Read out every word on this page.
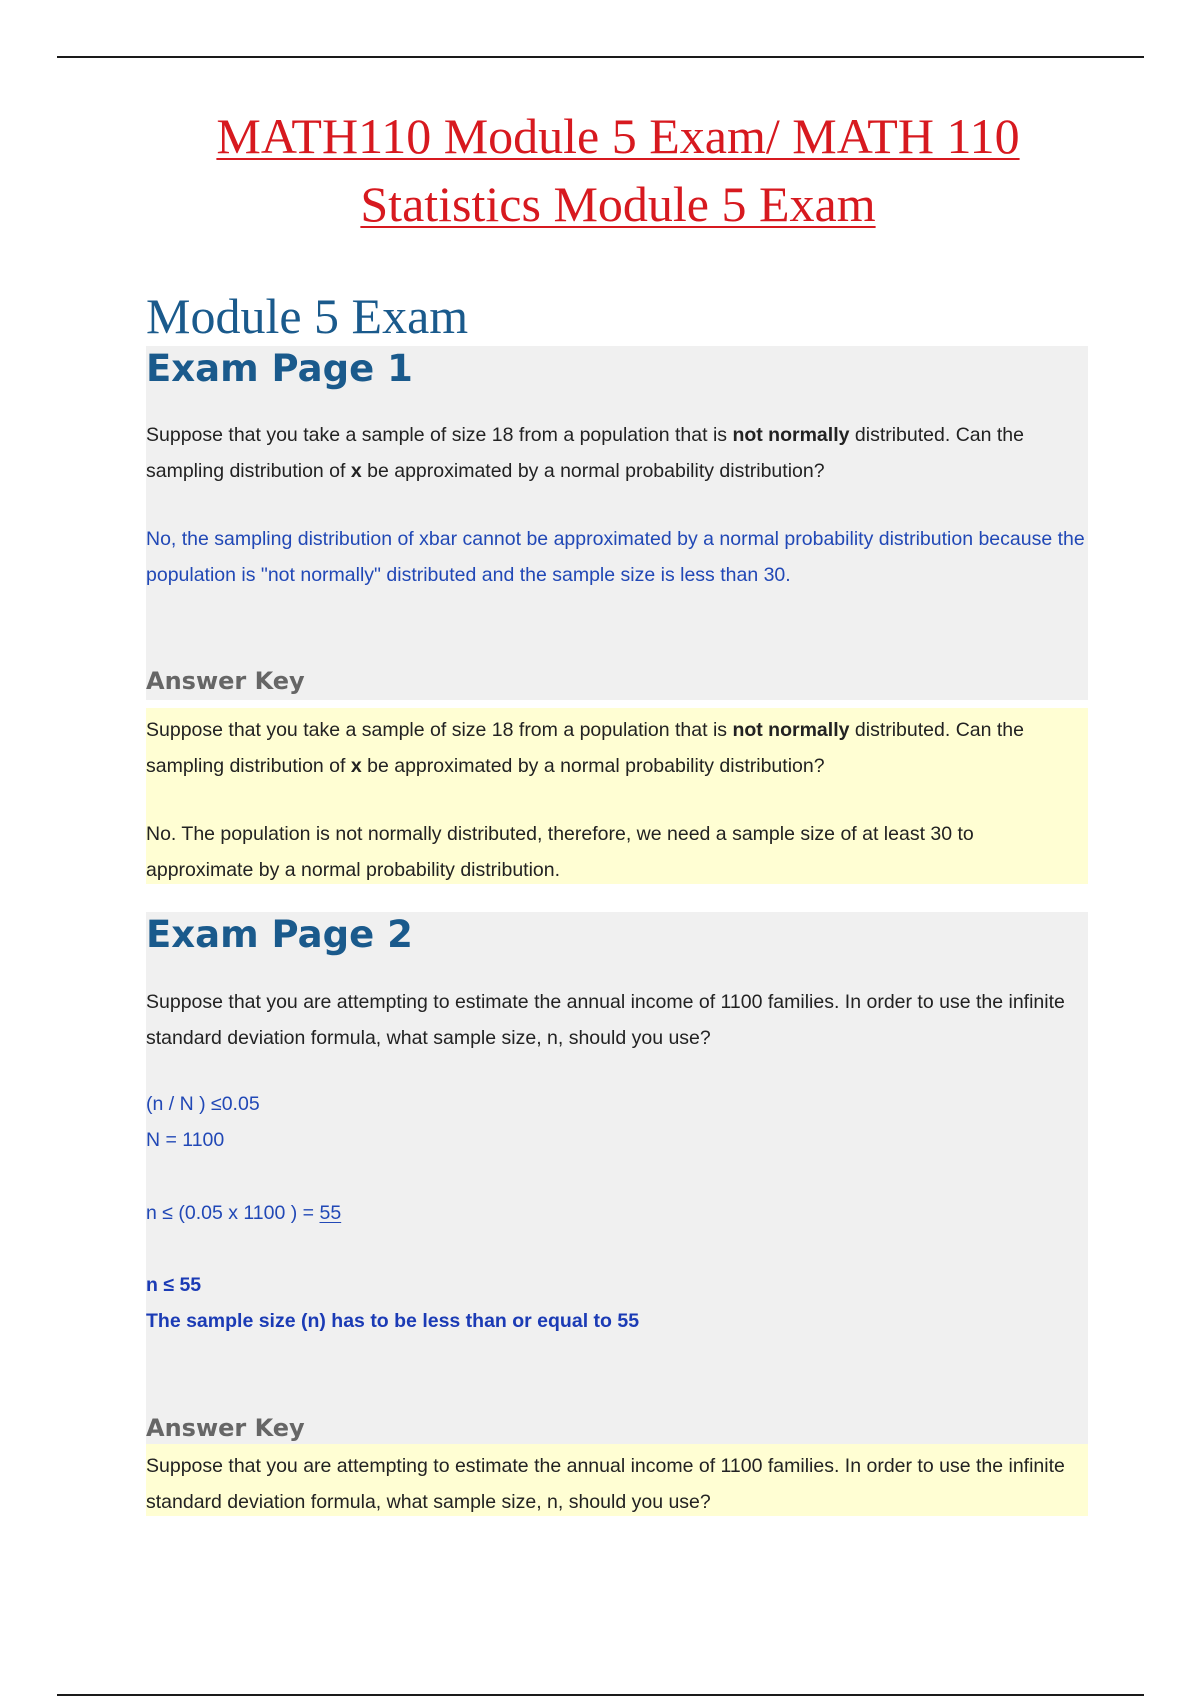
MATH110 Module 5 Exam/ MATH 110
Statistics Module 5 Exam
Module 5 Exam
Exam Page 1

Suppose that you take a sample of size 18 from a population that is not normally distributed. Can the sampling distribution of x be approximated by a normal probability distribution?

No, the sampling distribution of xbar cannot be approximated by a normal probability distribution because the population is "not normally" distributed and the sample size is less than 30.

Answer Key

Suppose that you take a sample of size 18 from a population that is not normally distributed. Can the sampling distribution of x be approximated by a normal probability distribution?

No. The population is not normally distributed, therefore, we need a sample size of at least 30 to approximate by a normal probability distribution.

Exam Page 2

Suppose that you are attempting to estimate the annual income of 1100 families. In order to use the infinite standard deviation formula, what sample size, n, should you use?

(n / N ) ≤0.05

N = 1100

n ≤ (0.05 x 1100 ) = 55

n ≤ 55

The sample size (n) has to be less than or equal to 55

Answer Key

Suppose that you are attempting to estimate the annual income of 1100 families. In order to use the infinite standard deviation formula, what sample size, n, should you use?
